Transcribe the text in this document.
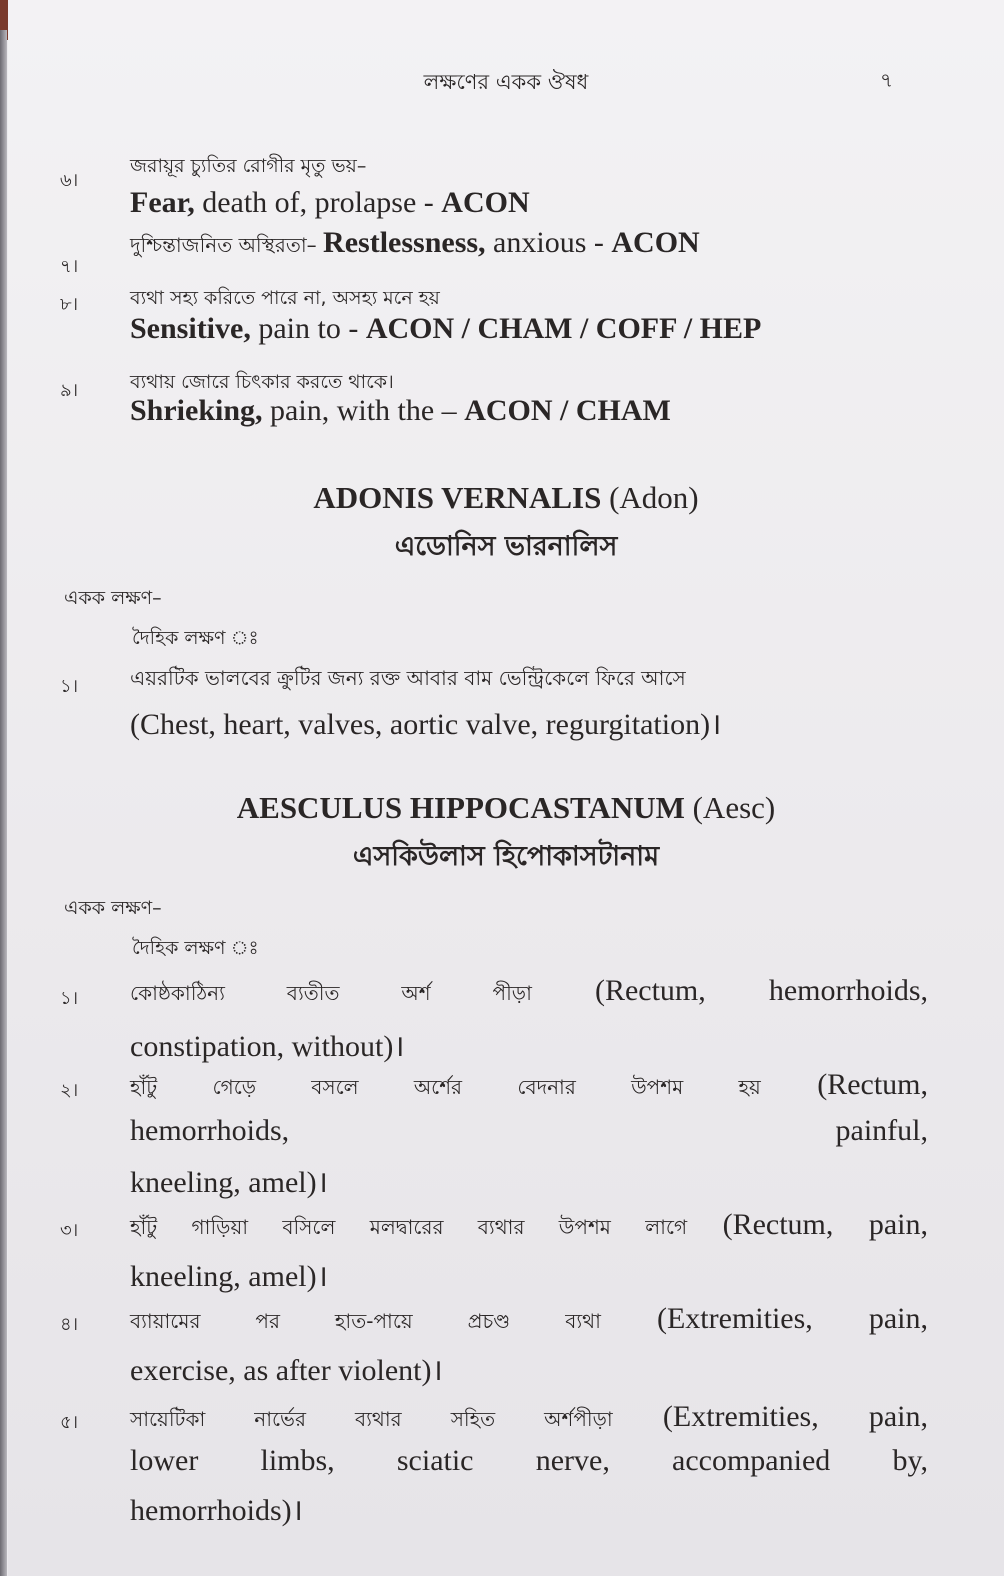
লক্ষণের একক ঔষধ	৭
৬।
জরায়ূর চ্যুতির রোগীর মৃতু ভয়–
Fear, death of, prolapse - ACON
৭।
দুশ্চিন্তাজনিত অস্থিরতা– Restlessness, anxious - ACON
৮।	ব্যথা সহ্য করিতে পারে না, অসহ্য মনে হয়
Sensitive, pain to - ACON / CHAM / COFF / HEP
৯।	ব্যথায় জোরে চিৎকার করতে থাকে।
Shrieking, pain, with the – ACON / CHAM
ADONIS VERNALIS (Adon)
এডোনিস ভারনালিস
একক লক্ষণ–
দৈহিক লক্ষণ ঃ
১।	এয়রটিক ভালবের ক্রুটির জন্য রক্ত আবার বাম ভেন্ট্রিকেলে ফিরে আসে
(Chest, heart, valves, aortic valve, regurgitation)।
AESCULUS HIPPOCASTANUM (Aesc)
এসকিউলাস হিপোকাসটানাম
একক লক্ষণ–
দৈহিক লক্ষণ ঃ
১।	কোষ্ঠকাঠিন্য ব্যতীত অর্শ পীড়া (Rectum, hemorrhoids,
constipation, without)।
২।	হাঁটু গেড়ে বসলে অর্শের বেদনার উপশম হয় (Rectum,
hemorrhoids,	painful,
kneeling, amel)।
৩।	হাঁটু গাড়িয়া বসিলে মলদ্বারের ব্যথার উপশম লাগে (Rectum, pain,
kneeling, amel)।
৪।	ব্যায়ামের পর হাত-পায়ে প্রচণ্ড ব্যথা (Extremities, pain,
exercise, as after violent)।
৫।	সায়েটিকা নার্ভের ব্যথার সহিত অর্শপীড়া (Extremities, pain,
lower limbs, sciatic nerve, accompanied by,
hemorrhoids)।
